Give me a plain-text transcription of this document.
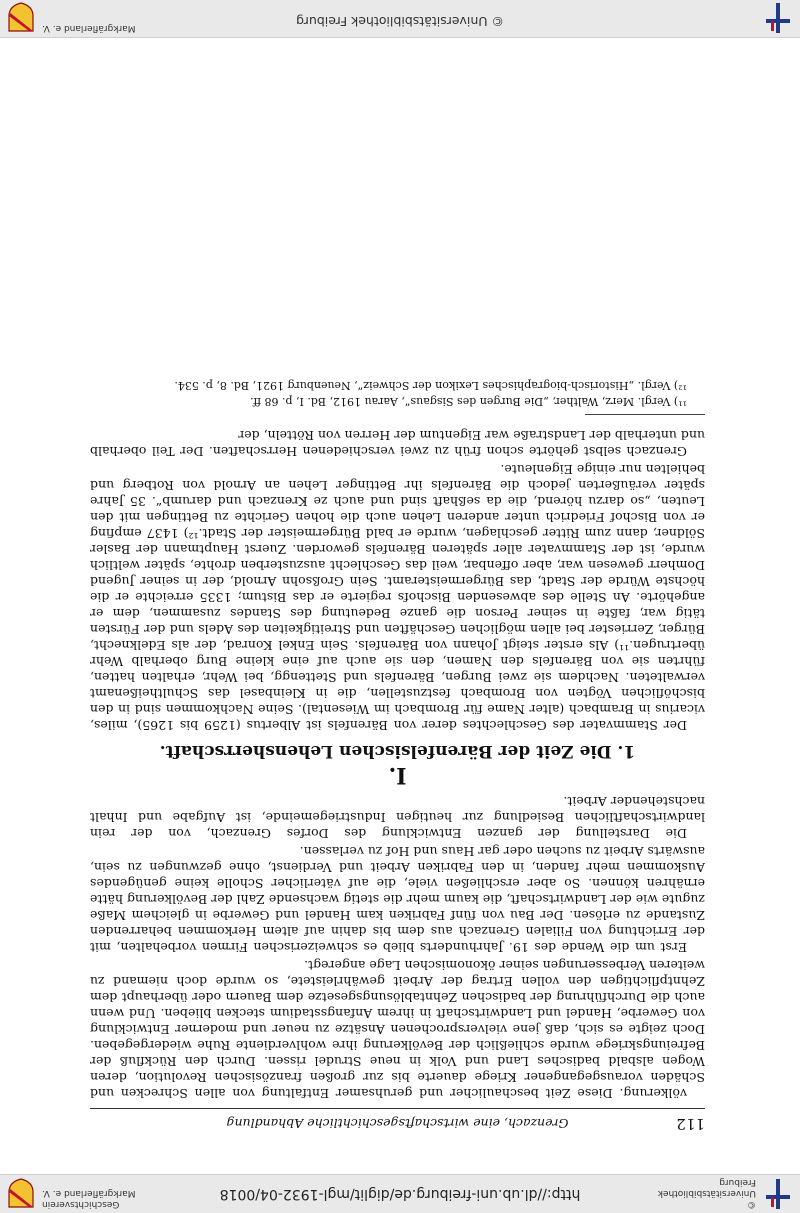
© Universitätsbibliothek Freiburg
http://dl.ub.uni-freiburg.de/diglit/mgl-1932-04/0018
Geschichtsverein Markgräflerland e. V.
112
Grenzach, eine wirtschaftsgeschichtliche Abhandlung

völkerung. Diese Zeit beschaulicher und geruhsamer Entfaltung von allen Schrecken und Schäden vorausgegangener Kriege dauerte bis zur großen französischen Revolution, deren Wogen alsbald badisches Land und Volk in neue Strudel rissen. Durch den Rückfluß der Befreiungskriege wurde schließlich der Bevölkerung ihre wohlverdiente Ruhe wiedergegeben. Doch zeigte es sich, daß jene vielversprochenen Ansätze zu neuer und moderner Entwicklung von Gewerbe, Handel und Landwirtschaft in ihrem Anfangsstadium stecken blieben. Und wenn auch die Durchführung der badischen Zehntablösungsgesetze dem Bauern oder überhaupt dem Zehntpflichtigen den vollen Ertrag der Arbeit gewährleistete, so wurde doch niemand zu weiteren Verbesserungen seiner ökonomischen Lage angeregt.

Erst um die Wende des 19. Jahrhunderts blieb es schweizerischen Firmen vorbehalten, mit der Errichtung von Filialen Grenzach aus dem bis dahin auf altem Herkommen beharrenden Zustande zu erlösen. Der Bau von fünf Fabriken kam Handel und Gewerbe in gleichem Maße zugute wie der Landwirtschaft, die kaum mehr die stetig wachsende Zahl der Bevölkerung hätte ernähren können. So aber erschließen viele, die auf väterlicher Scholle keine genügendes Auskommen mehr fanden, in den Fabriken Arbeit und Verdienst, ohne gezwungen zu sein, auswärts Arbeit zu suchen oder gar Haus und Hof zu verlassen.

Die Darstellung der ganzen Entwicklung des Dorfes Grenzach, von der rein landwirtschaftlichen Besiedlung zur heutigen Industriegemeinde, ist Aufgabe und Inhalt nachstehender Arbeit.

I.
1. Die Zeit der Bärenfelsischen Lehensherrschaft.

Der Stammvater des Geschlechtes derer von Bärenfels ist Albertus (1259 bis 1265), miles, vicarius in Brambach (alter Name für Brombach im Wiesental). Seine Nachkommen sind in den bischöflichen Vögten von Brombach festzustellen, die in Kleinbasel das Schultheißenamt verwalteten. Nachdem sie zwei Burgen, Bärenfels und Stettengg, bei Wehr, erhalten hatten, führten sie von Bärenfels den Namen, den sie auch auf eine kleine Burg oberhalb Wehr übertrugen.¹¹) Als erster steigt Johann von Bärenfels. Sein Enkel Konrad, der als Edelknecht, Bürger, Zerriester bei allen möglichen Geschäften und Streitigkeiten des Adels und der Fürsten tätig war, faßte in seiner Person die ganze Bedeutung des Standes zusammen, dem er angehörte. An Stelle des abwesenden Bischofs regierte er das Bistum; 1335 erreichte er die höchste Würde der Stadt, das Bürgermeisteramt. Sein Großsohn Arnold, der in seiner Jugend Domherr gewesen war, aber offenbar, weil das Geschlecht auszusterben drohte, später weltlich wurde, ist der Stammvater aller späteren Bärenfels geworden. Zuerst Hauptmann der Basler Söldner, dann zum Ritter geschlagen, wurde er bald Bürgermeister der Stadt.¹²) 1437 empfing er von Bischof Friedrich unter anderen Lehen auch die hohen Gerichte zu Bettingen mit den Leuten, „so darzu hörend, die da seßhaft sind und auch ze Krenzach und darumb“. 35 Jahre später veräußerten jedoch die Bärenfels ihr Bettinger Lehen an Arnold von Rotberg und behielten nur einige Eigenleute.

Grenzach selbst gehörte schon früh zu zwei verschiedenen Herrschaften. Der Teil oberhalb und unterhalb der Landstraße war Eigentum der Herren von Rötteln, der

¹¹) Vergl. Merz, Walther, „Die Burgen des Sisgaus“, Aarau 1912, Bd. I, p. 68 ff.

¹²) Vergl. „Historisch-biographisches Lexikon der Schweiz“, Neuenburg 1921, Bd. 8, p. 534.

© Universitätsbibliothek Freiburg
Markgräflerland e. V.
